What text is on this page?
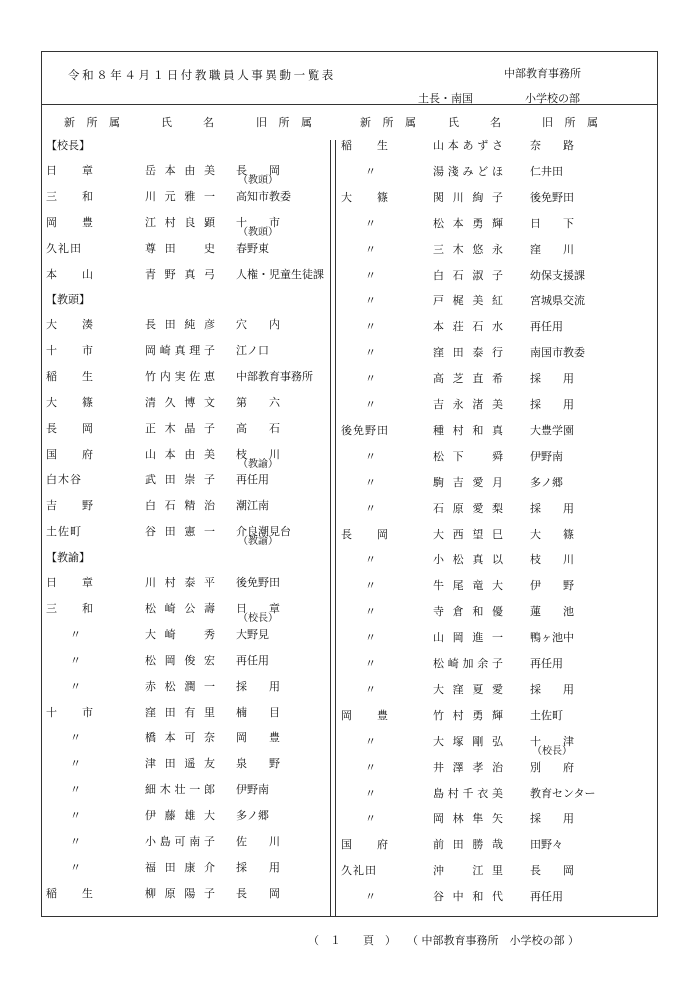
令和８年４月１日付教職員人事異動一覧表	中部教育事務所
土長・南国	小学校の部
新 所 属	氏　名	旧 所 属	新 所 属	氏　名	旧 所 属
【校長】
【教頭】
【教諭】
日　　章	岳本由美 長　　岡
（教頭）
三　　和	川元雅一 高知市教委
岡　　豊	江村良顕 十　　市
（教頭）
久礼田	尊田　史 春野東
本　　山	青野真弓 人権・児童生徒課
大　　湊	長田純彦 穴　　内
十　　市	岡崎真理子 江ノ口
稲　　生	竹内実佐恵 中部教育事務所
大　　篠	清久博文 第　　六
長　　岡	正木晶子 高　　石
国　　府	山本由美 枝　　川
（教諭）
白木谷	武田崇子 再任用
吉　　野	白石精治 潮江南
土佐町	谷田憲一 介良潮見台
（教諭）
日　　章	川村泰平 後免野田
三　　和	松崎公壽 日　　章
（校長）
〃	大崎　秀 大野見
〃	松岡俊宏 再任用
〃	赤松潤一 採　　用
十　　市	窪田有里 楠　　目
〃	橋本可奈 岡　　豊
〃	津田遥友 泉　　野
〃	細木壮一郎 伊野南
〃	伊藤雄大 多ノ郷
〃	小島可南子 佐　　川
〃	福田康介 採　　用
稲　　生	柳原陽子 長　　岡
稲　　生	山本あずさ 奈　　路
〃	湯淺みどほ 仁井田
大　　篠	関川絢子 後免野田
〃	松本勇輝 日　　下
〃	三木悠永 窪　　川
〃	白石淑子 幼保支援課
〃	戸梶美紅 宮城県交流
〃	本荘石水 再任用
〃	窪田泰行 南国市教委
〃	高芝直希 採　　用
〃	吉永渚美 採　　用
後免野田	種村和真 大豊学園
〃	松下　舜 伊野南
〃	駒吉愛月 多ノ郷
〃	石原愛梨 採　　用
長　　岡	大西望巳 大　　篠
〃	小松真以 枝　　川
〃	牛尾竜大 伊　　野
〃	寺倉和優 蓮　　池
〃	山岡進一 鴨ヶ池中
〃	松崎加余子 再任用
〃	大窪夏愛 採　　用
岡　　豊	竹村勇輝 土佐町
〃	大塚剛弘 十　　津
（校長）
〃	井澤孝治 別　　府
〃	島村千衣美 教育センター
〃	岡林隼矢 採　　用
国　　府	前田勝哉 田野々
久礼田	沖　江里 長　　岡
〃	谷中和代 再任用
（　１　　頁　）　　（ 中部教育事務所　小学校の部 ）
